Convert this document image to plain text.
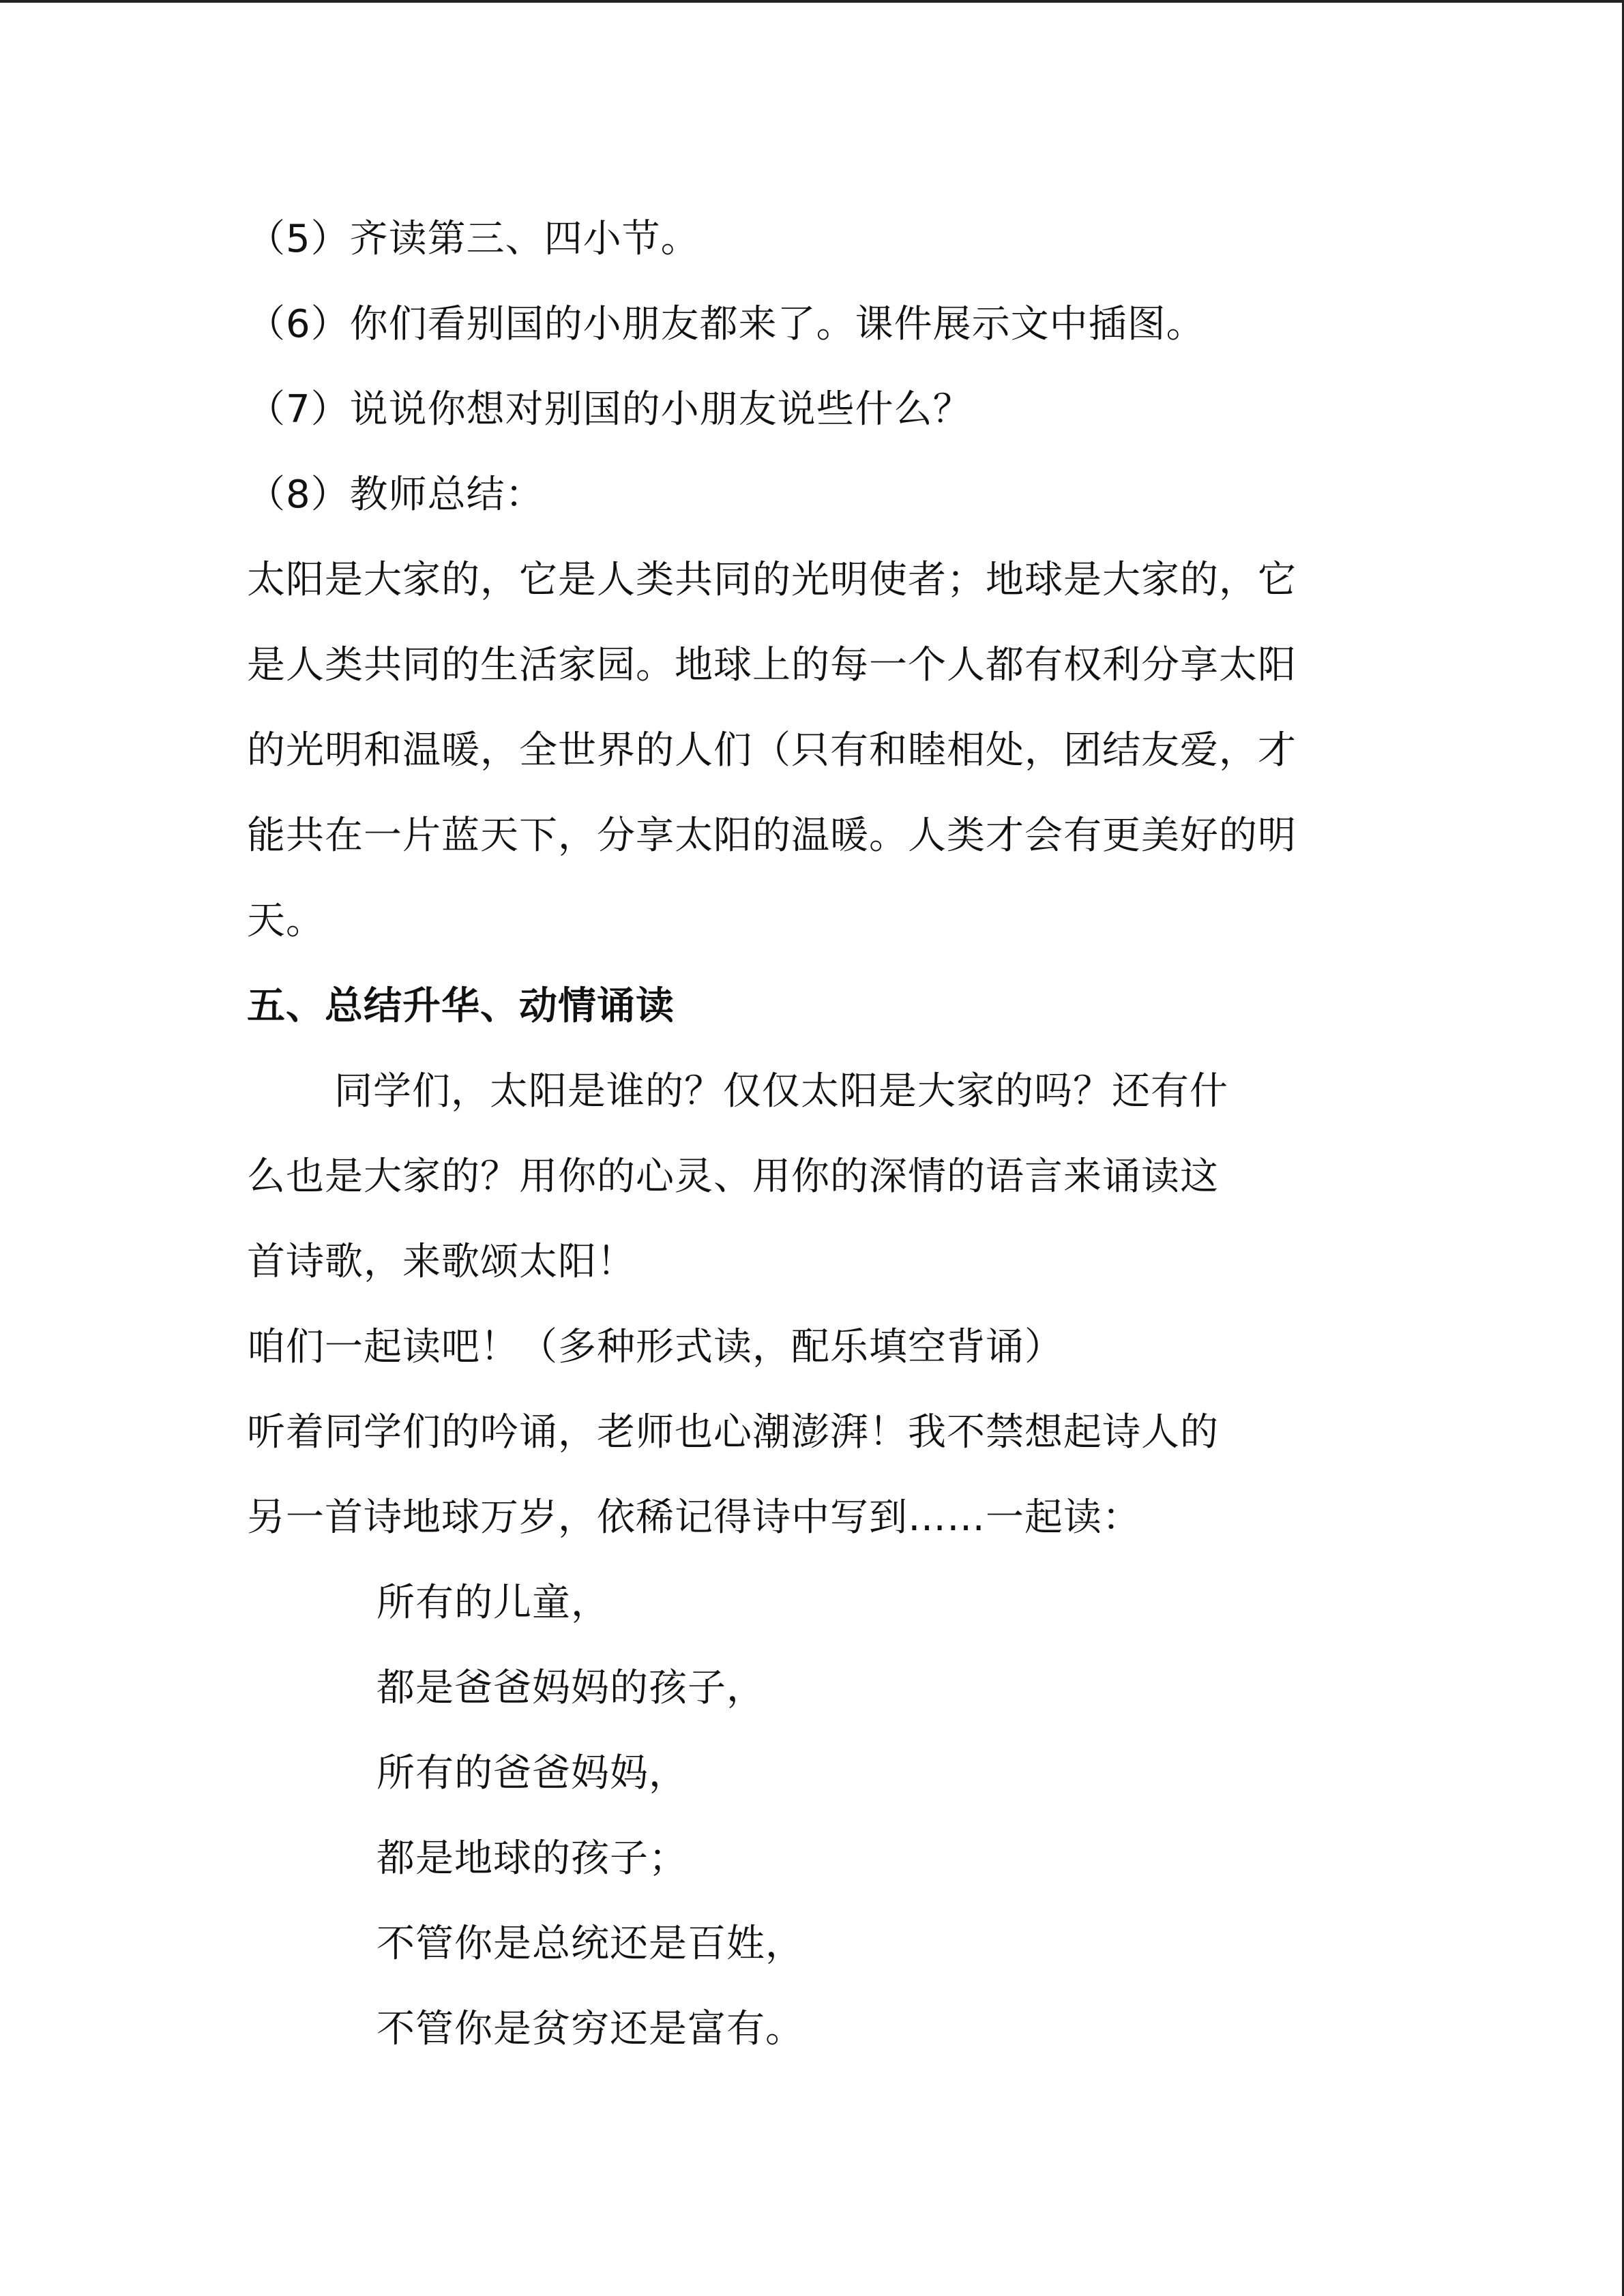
（5）齐读第三、四小节。
（6）你们看别国的小朋友都来了。课件展示文中插图。
（7）说说你想对别国的小朋友说些什么？
（8）教师总结：
太阳是大家的，它是人类共同的光明使者；地球是大家的，它
是人类共同的生活家园。地球上的每一个人都有权利分享太阳
的光明和温暖，全世界的人们（只有和睦相处，团结友爱，才
能共在一片蓝天下，分享太阳的温暖。人类才会有更美好的明
天。
五、总结升华、动情诵读
同学们，太阳是谁的？仅仅太阳是大家的吗？还有什
么也是大家的？用你的心灵、用你的深情的语言来诵读这
首诗歌，来歌颂太阳！
咱们一起读吧！（多种形式读，配乐填空背诵）
听着同学们的吟诵，老师也心潮澎湃！我不禁想起诗人的
另一首诗地球万岁，依稀记得诗中写到……一起读：
所有的儿童，
都是爸爸妈妈的孩子，
所有的爸爸妈妈，
都是地球的孩子；
不管你是总统还是百姓，
不管你是贫穷还是富有。
